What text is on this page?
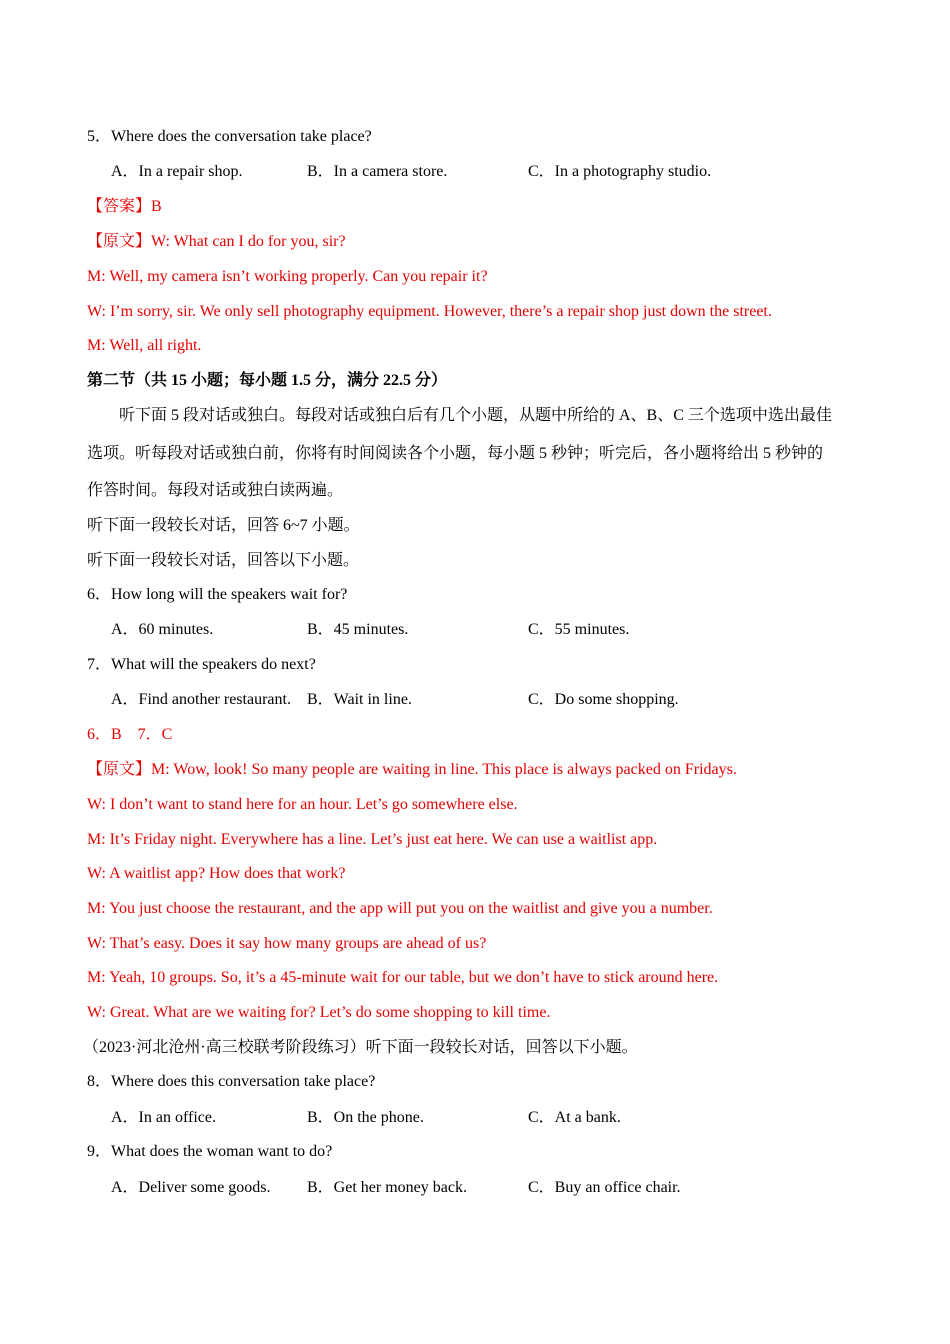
5．Where does the conversation take place?
A．In a repair shop.	B．In a camera store.	C．In a photography studio.
【答案】B
【原文】W: What can I do for you, sir?
M: Well, my camera isn’t working properly. Can you repair it?
W: I’m sorry, sir. We only sell photography equipment. However, there’s a repair shop just down the street.
M: Well, all right.
第二节（共 15 小题；每小题 1.5 分，满分 22.5 分）
听下面 5 段对话或独白。每段对话或独白后有几个小题，从题中所给的 A、B、C 三个选项中选出最佳
选项。听每段对话或独白前，你将有时间阅读各个小题，每小题 5 秒钟；听完后，各小题将给出 5 秒钟的
作答时间。每段对话或独白读两遍。
听下面一段较长对话，回答 6~7 小题。
听下面一段较长对话，回答以下小题。
6．How long will the speakers wait for?
A．60 minutes.	B．45 minutes.	C．55 minutes.
7．What will the speakers do next?
A．Find another restaurant. B．Wait in line.	C．Do some shopping.
6．B　7．C
【原文】M: Wow, look! So many people are waiting in line. This place is always packed on Fridays.
W: I don’t want to stand here for an hour. Let’s go somewhere else.
M: It’s Friday night. Everywhere has a line. Let’s just eat here. We can use a waitlist app.
W: A waitlist app? How does that work?
M: You just choose the restaurant, and the app will put you on the waitlist and give you a number.
W: That’s easy. Does it say how many groups are ahead of us?
M: Yeah, 10 groups. So, it’s a 45-minute wait for our table, but we don’t have to stick around here.
W: Great. What are we waiting for? Let’s do some shopping to kill time.
（2023·河北沧州·高三校联考阶段练习）听下面一段较长对话，回答以下小题。
8．Where does this conversation take place?
A．In an office.	B．On the phone.	C．At a bank.
9．What does the woman want to do?
A．Deliver some goods. B．Get her money back.	C．Buy an office chair.
